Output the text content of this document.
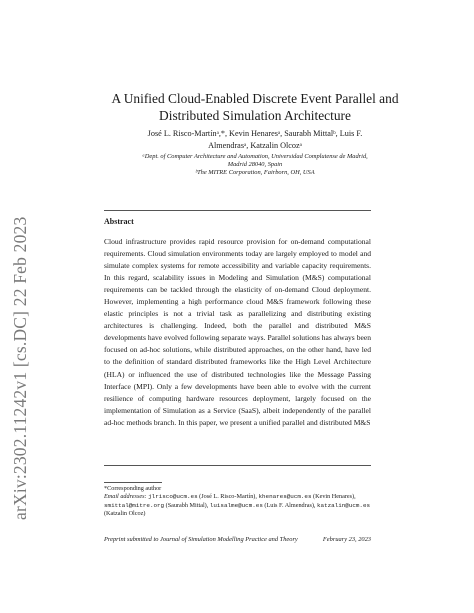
arXiv:2302.11242v1 [cs.DC] 22 Feb 2023
A Unified Cloud-Enabled Discrete Event Parallel and
Distributed Simulation Architecture
José L. Risco-Martínᵃ,*, Kevin Henaresᵃ, Saurabh Mittalᵇ, Luis F.
Almendrasᵃ, Katzalin Olcozᵃ
ᵃDept. of Computer Architecture and Automation, Universidad Complutense de Madrid,
Madrid 28040, Spain
ᵇThe MITRE Corporation, Fairborn, OH, USA
Abstract
Cloud infrastructure provides rapid resource provision for on-demand computational requirements. Cloud simulation environments today are largely employed to model and simulate complex systems for remote accessibility and variable capacity requirements. In this regard, scalability issues in Modeling and Simulation (M&S) computational requirements can be tackled through the elasticity of on-demand Cloud deployment. However, implementing a high performance cloud M&S framework following these elastic principles is not a trivial task as parallelizing and distributing existing architectures is challenging. Indeed, both the parallel and distributed M&S developments have evolved following separate ways. Parallel solutions has always been focused on ad-hoc solutions, while distributed approaches, on the other hand, have led to the definition of standard distributed frameworks like the High Level Architecture (HLA) or influenced the use of distributed technologies like the Message Passing Interface (MPI). Only a few developments have been able to evolve with the current resilience of computing hardware resources deployment, largely focused on the implementation of Simulation as a Service (SaaS), albeit independently of the parallel ad-hoc methods branch. In this paper, we present a unified parallel and distributed M&S
*Corresponding author
Email addresses: jlrisco@ucm.es (José L. Risco-Martín), khenares@ucm.es (Kevin Henares), smittal@mitre.org (Saurabh Mittal), luisalme@ucm.es (Luis F. Almendras), katzalin@ucm.es (Katzalin Olcoz)
Preprint submitted to Journal of Simulation Modelling Practice and Theory	February 23, 2023
